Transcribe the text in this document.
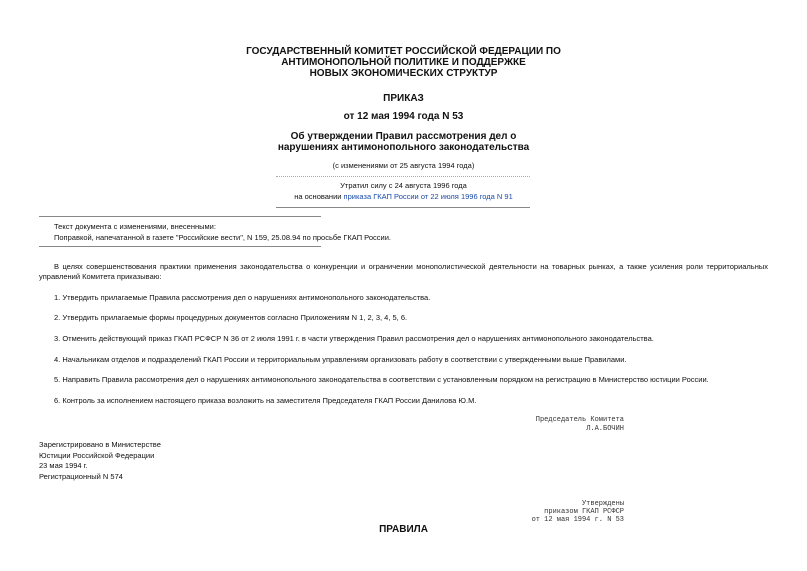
ГОСУДАРСТВЕННЫЙ КОМИТЕТ РОССИЙСКОЙ ФЕДЕРАЦИИ ПО
АНТИМОНОПОЛЬНОЙ ПОЛИТИКЕ И ПОДДЕРЖКЕ
НОВЫХ ЭКОНОМИЧЕСКИХ СТРУКТУР
ПРИКАЗ
от 12 мая 1994 года N 53
Об утверждении Правил рассмотрения дел о
нарушениях антимонопольного законодательства
(с изменениями от 25 августа 1994 года)
Утратил силу с 24 августа 1996 года
на основании приказа ГКАП России от 22 июля 1996 года N 91
Текст документа с изменениями, внесенными:
Поправкой, напечатанной в газете "Российские вести", N 159, 25.08.94 по просьбе ГКАП России.
В целях совершенствования практики применения законодательства о конкуренции и ограничении монополистической деятельности на товарных рынках, а также усиления роли территориальных управлений Комитета приказываю:
1. Утвердить прилагаемые Правила рассмотрения дел о нарушениях антимонопольного законодательства.
2. Утвердить прилагаемые формы процедурных документов согласно Приложениям N 1, 2, 3, 4, 5, 6.
3. Отменить действующий приказ ГКАП РСФСР N 36 от 2 июля 1991 г. в части утверждения Правил рассмотрения дел о нарушениях антимонопольного законодательства.
4. Начальникам отделов и подразделений ГКАП России и территориальным управлениям организовать работу в соответствии с утвержденными выше Правилами.
5. Направить Правила рассмотрения дел о нарушениях антимонопольного законодательства в соответствии с установленным порядком на регистрацию в Министерство юстиции России.
6. Контроль за исполнением настоящего приказа возложить на заместителя Председателя ГКАП России Данилова Ю.М.
Председатель Комитета
Л.А.БОЧИН
Зарегистрировано в Министерстве
Юстиции Российской Федерации
23 мая 1994 г.
Регистрационный N 574
Утверждены
приказом ГКАП РСФСР
от 12 мая 1994 г. N 53
ПРАВИЛА
